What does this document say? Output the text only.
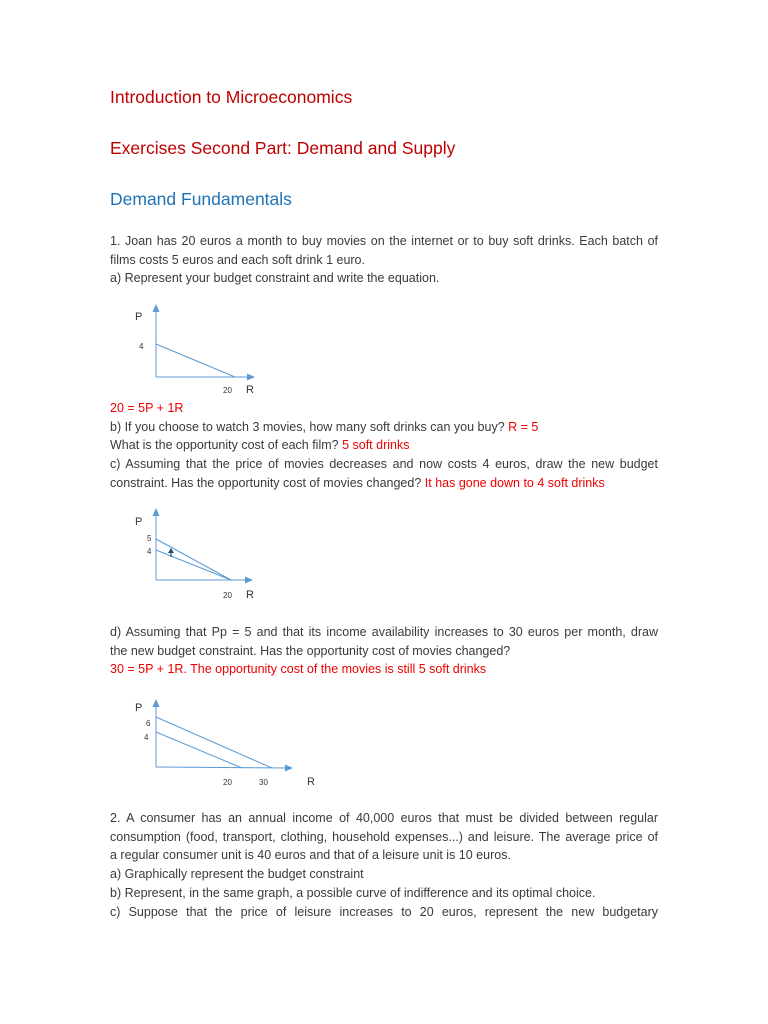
Introduction to Microeconomics
Exercises Second Part: Demand and Supply
Demand Fundamentals

1. Joan has 20 euros a month to buy movies on the internet or to buy soft drinks. Each batch of
films costs 5 euros and each soft drink 1 euro.
a) Represent your budget constraint and write the equation.

P
4
20 R

20 = 5P + 1R
b) If you choose to watch 3 movies, how many soft drinks can you buy? R = 5
What is the opportunity cost of each film? 5 soft drinks
c) Assuming that the price of movies decreases and now costs 4 euros, draw the new budget
constraint. Has the opportunity cost of movies changed? It has gone down to 4 soft drinks

P
5
4
20 R

d) Assuming that Pp = 5 and that its income availability increases to 30 euros per month, draw
the new budget constraint. Has the opportunity cost of movies changed?
30 = 5P + 1R. The opportunity cost of the movies is still 5 soft drinks

P
6
4
20	30	R

2. A consumer has an annual income of 40,000 euros that must be divided between regular
consumption (food, transport, clothing, household expenses...) and leisure. The average price of
a regular consumer unit is 40 euros and that of a leisure unit is 10 euros.
a) Graphically represent the budget constraint
b) Represent, in the same graph, a possible curve of indifference and its optimal choice.
c) Suppose that the price of leisure increases to 20 euros, represent the new budgetary
